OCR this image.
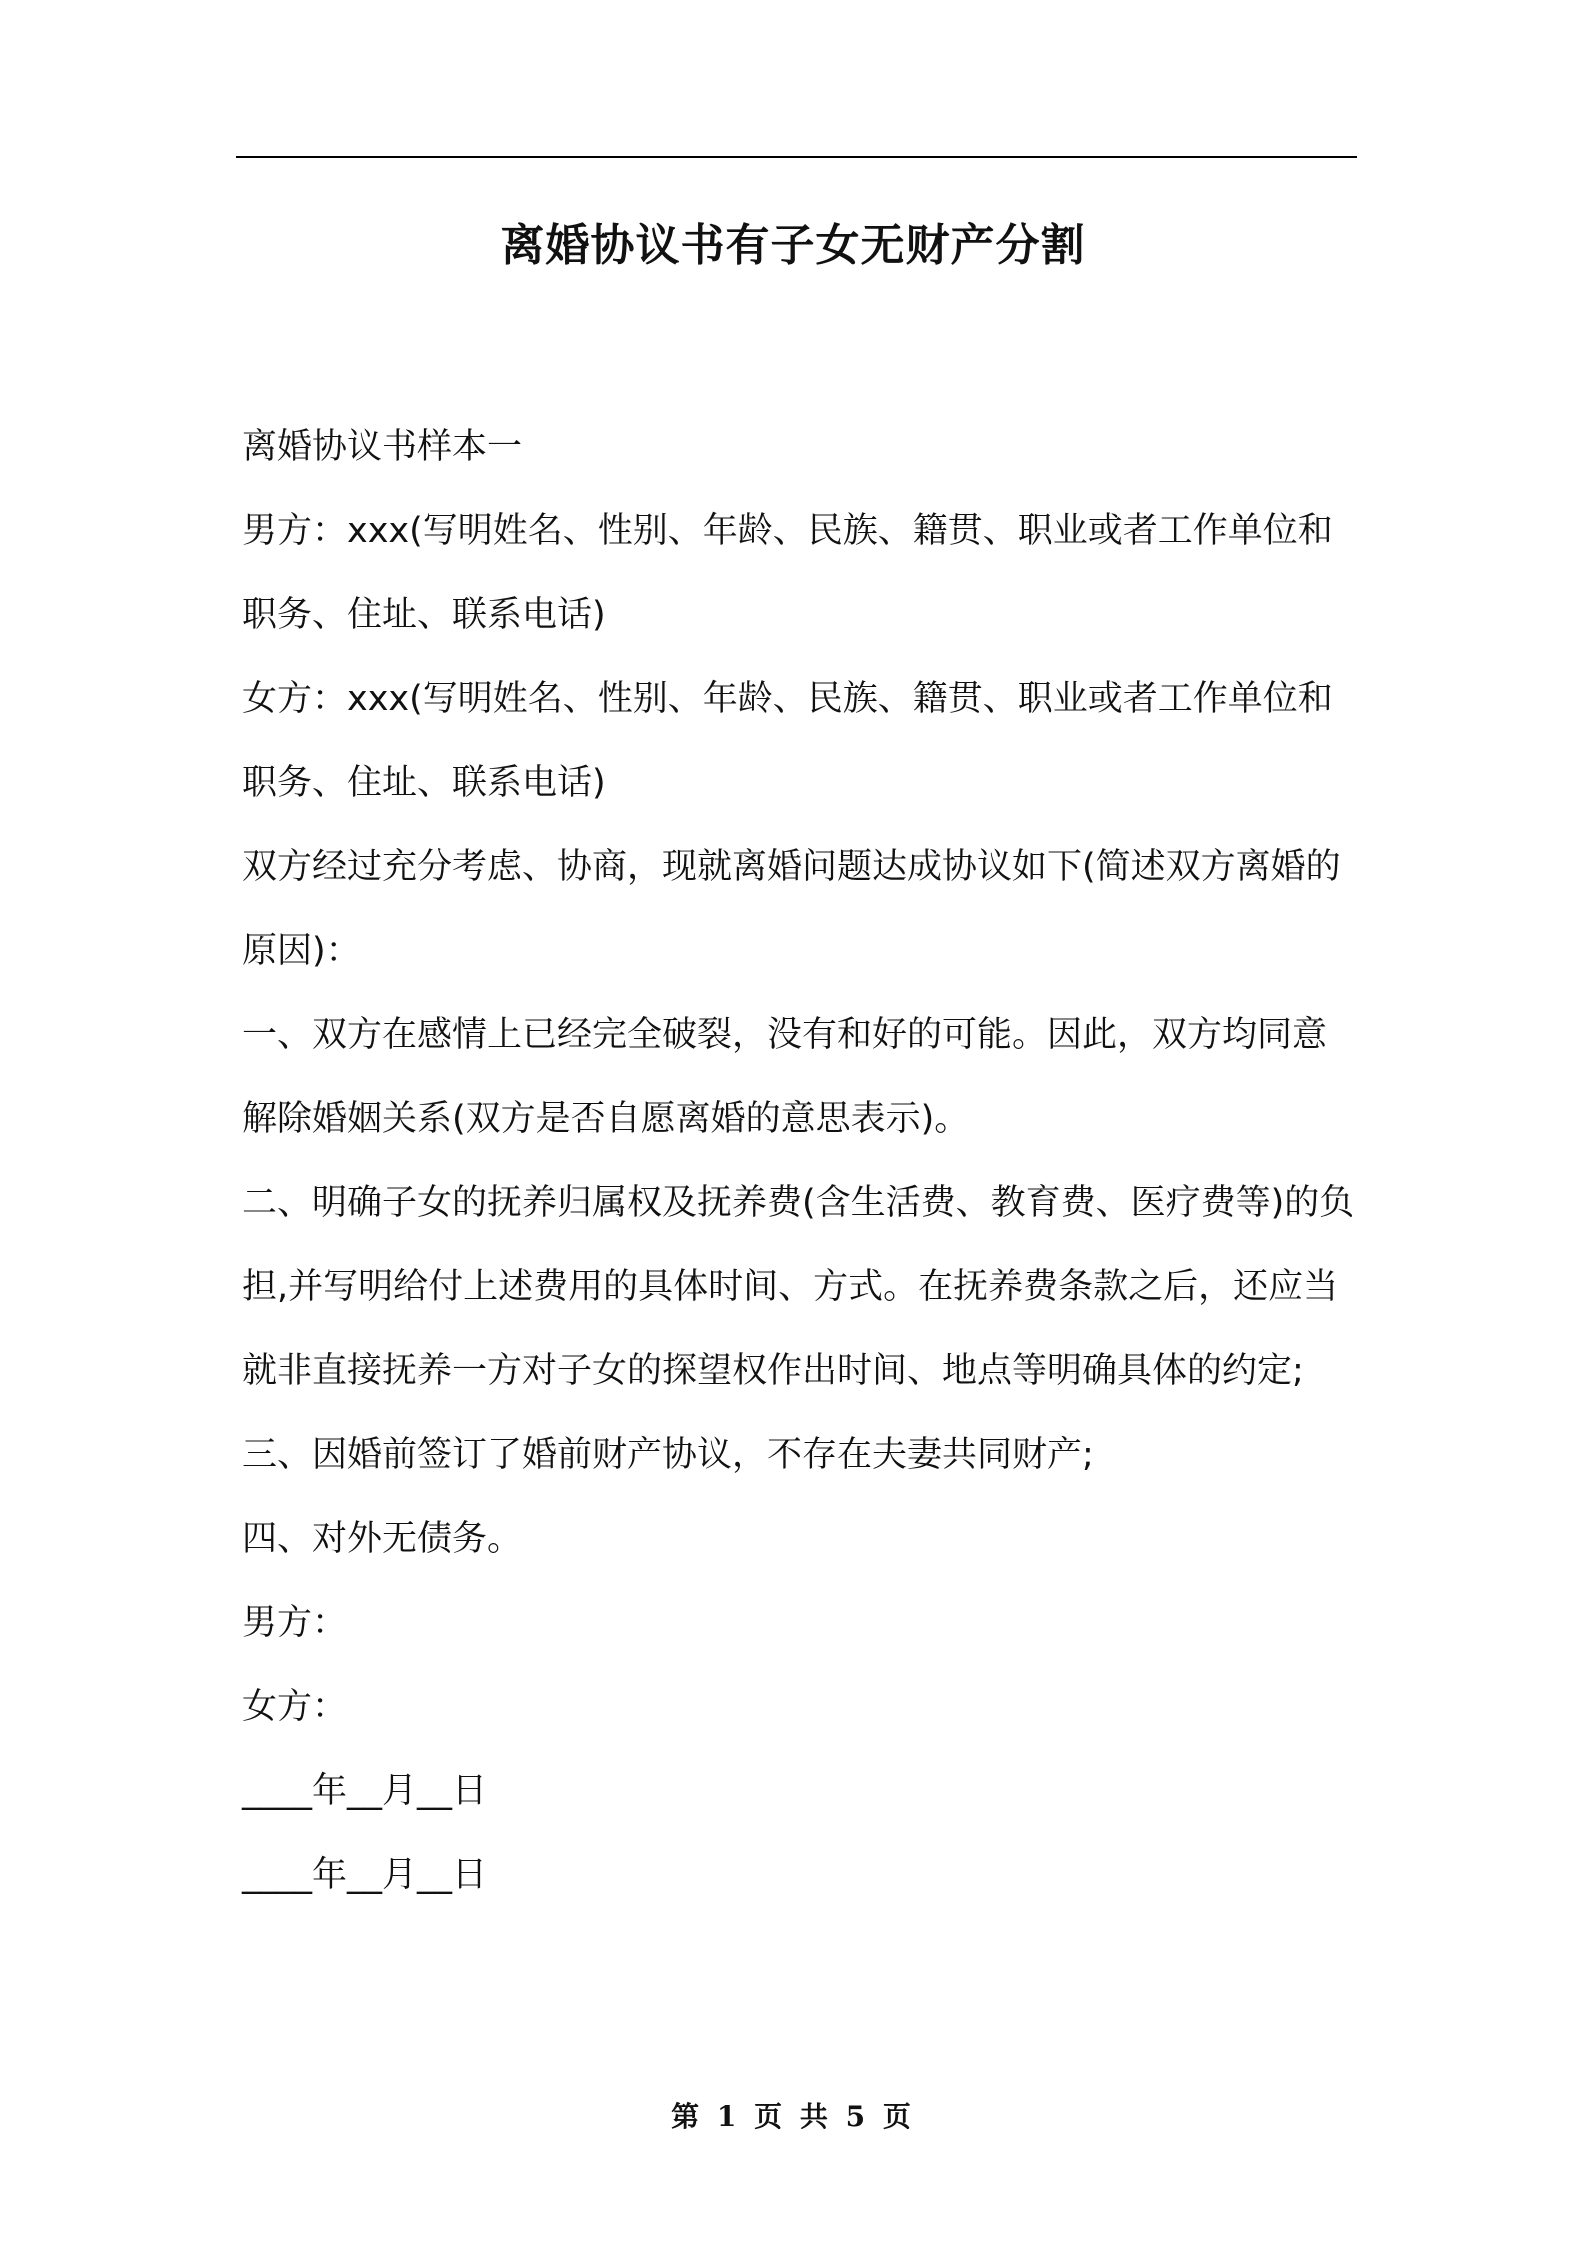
离婚协议书有子女无财产分割

离婚协议书样本一

男方：xxx(写明姓名、性别、年龄、民族、籍贯、职业或者工作单位和职务、住址、联系电话)

女方：xxx(写明姓名、性别、年龄、民族、籍贯、职业或者工作单位和职务、住址、联系电话)

双方经过充分考虑、协商，现就离婚问题达成协议如下(简述双方离婚的原因)：

一、双方在感情上已经完全破裂，没有和好的可能。因此，双方均同意解除婚姻关系(双方是否自愿离婚的意思表示)。

二、明确子女的抚养归属权及抚养费(含生活费、教育费、医疗费等)的负担,并写明给付上述费用的具体时间、方式。在抚养费条款之后，还应当就非直接抚养一方对子女的探望权作出时间、地点等明确具体的约定;

三、因婚前签订了婚前财产协议，不存在夫妻共同财产;

四、对外无债务。

男方：

女方：

____年__月__日

____年__月__日

第 1 页 共 5 页
